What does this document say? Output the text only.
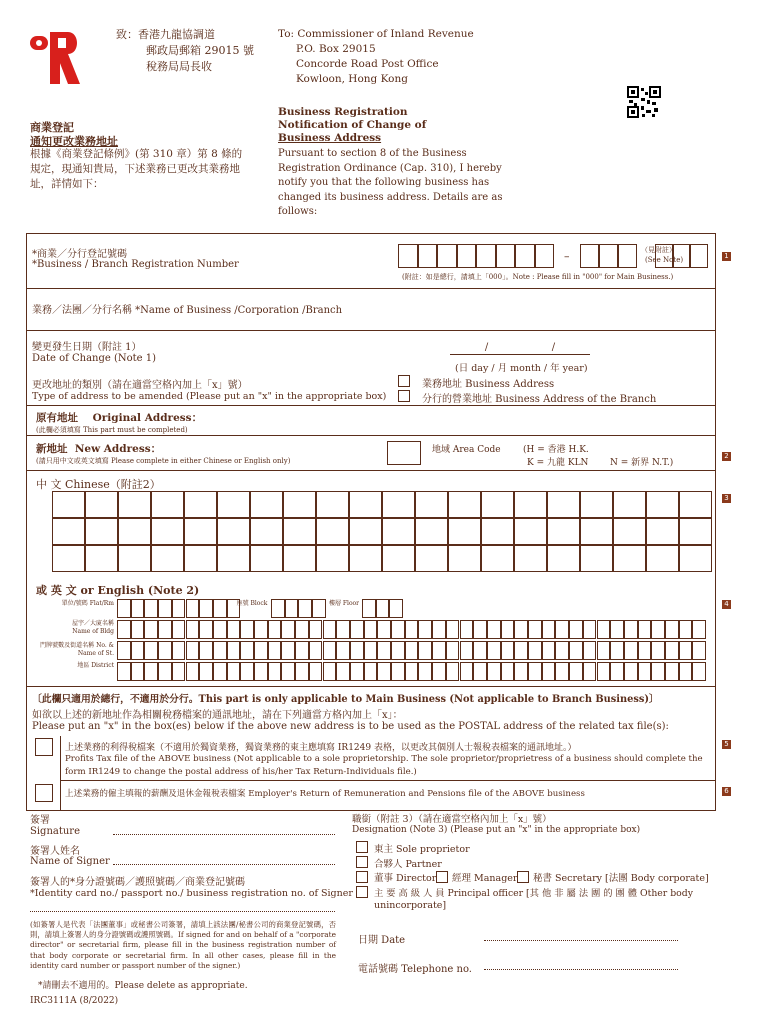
致：香港九龍協調道
郵政局郵箱 29015 號
稅務局局長收
To: Commissioner of Inland Revenue
P.O. Box 29015
Concorde Road Post Office
Kowloon, Hong Kong
商業登記
通知更改業務地址
根據《商業登記條例》(第 310 章）第 8 條的
規定，現通知貴局，下述業務已更改其業務地
址，詳情如下：
Business Registration
Notification of Change of
Business Address
Pursuant to section 8 of the Business
Registration Ordinance (Cap. 310), I hereby
notify you that the following business has
changed its business address. Details are as
follows:
1
2
3
4
5
6
*商業／分行登記號碼
*Business / Branch Registration Number
–	（見附註）
(See Note)
(附註：如是總行，請填上「000」。Note : Please fill in "000" for Main Business.)
業務／法團／分行名稱 *Name of Business /Corporation /Branch
變更發生日期（附註 1）
Date of Change (Note 1)
/                    /
(日 day / 月 month / 年 year)
更改地址的類別（請在適當空格內加上「x」號）
Type of address to be amended (Please put an "x" in the appropriate box)
業務地址 Business Address
分行的營業地址 Business Address of the Branch
原有地址 Original Address：
(此欄必須填寫 This part must be completed)
新地址 New Address：
(請只用中文或英文填寫 Please complete in either Chinese or English only)
地域 Area Code (H = 香港 H.K.
K = 九龍 KLN N = 新界 N.T.)
中 文 Chinese（附註2）
或 英 文 or English (Note 2)
單位/號碼 Flat/Rm	座號 Block	樓層 Floor
屋宇／大廈名稱 Name of Bldg
門牌號數及街道名稱 No. & Name of St.
地區 District
〔此欄只適用於總行，不適用於分行。This part is only applicable to Main Business (Not applicable to Branch Business)〕
如欲以上述的新地址作為相關稅務檔案的通訊地址，請在下列適當方格內加上「x」：
Please put an "x" in the box(es) below if the above new address is to be used as the POSTAL address of the related tax file(s):
上述業務的利得稅檔案（不適用於獨資業務，獨資業務的東主應填寫 IR1249 表格，以更改其個別人士報稅表檔案的通訊地址。）
Profits Tax file of the ABOVE business (Not applicable to a sole proprietorship. The sole proprietor/proprietress of a business should complete the
form IR1249 to change the postal address of his/her Tax Return-Individuals file.)
上述業務的僱主填報的薪酬及退休金報稅表檔案 Employer's Return of Remuneration and Pensions file of the ABOVE business
簽署
Signature
簽署人姓名
Name of Signer
簽署人的*身分證號碼／護照號碼／商業登記號碼
*Identity card no./ passport no./ business registration no. of Signer
(如簽署人是代表「法團董事」或秘書公司簽署，請填上該法團/秘書公司的商業登記號碼，否則，請填上簽署人的身分證號碼或護照號碼。If signed for and on behalf of a "corporate director" or secretarial firm, please fill in the business registration number of that body corporate or secretarial firm. In all other cases, please fill in the identity card number or passport number of the signer.)
*請刪去不適用的。Please delete as appropriate.
IRC3111A (8/2022)
職銜（附註 3）（請在適當空格內加上「x」號）
Designation (Note 3) (Please put an "x" in the appropriate box)
東主 Sole proprietor
合夥人 Partner
董事 Director 經理 Manager 秘書 Secretary [法團 Body corporate]
主 要 高 級 人 員 Principal officer [其 他 非 屬 法 團 的 團 體 Other body
unincorporate]
日期 Date
電話號碼 Telephone no.
